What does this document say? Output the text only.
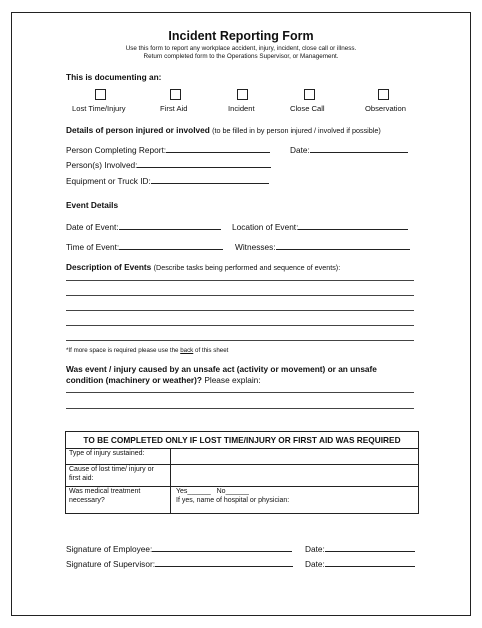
Incident Reporting Form
Use this form to report any workplace accident, injury, incident, close call or illness.
Return completed form to the Operations Supervisor, or Management.
This is documenting an:
Lost Time/Injury	First Aid	Incident	Close Call	Observation
Details of person injured or involved (to be filled in by person injured / involved if possible)
Person Completing Report:	Date:
Person(s) Involved:
Equipment or Truck ID:
Event Details
Date of Event:	Location of Event:
Time of Event:	Witnesses:
Description of Events (Describe tasks being performed and sequence of events):
*If more space is required please use the back of this sheet
Was event / injury caused by an unsafe act (activity or movement) or an unsafe
condition (machinery or weather)? Please explain:
TO BE COMPLETED ONLY IF LOST TIME/INJURY OR FIRST AID WAS REQUIRED
Type of injury sustained:
Cause of lost time/ injury or
first aid:
Was medical treatment
necessary?
Yes______ No______
If yes, name of hospital or physician:
Signature of Employee:	Date:
Signature of Supervisor:	Date:
